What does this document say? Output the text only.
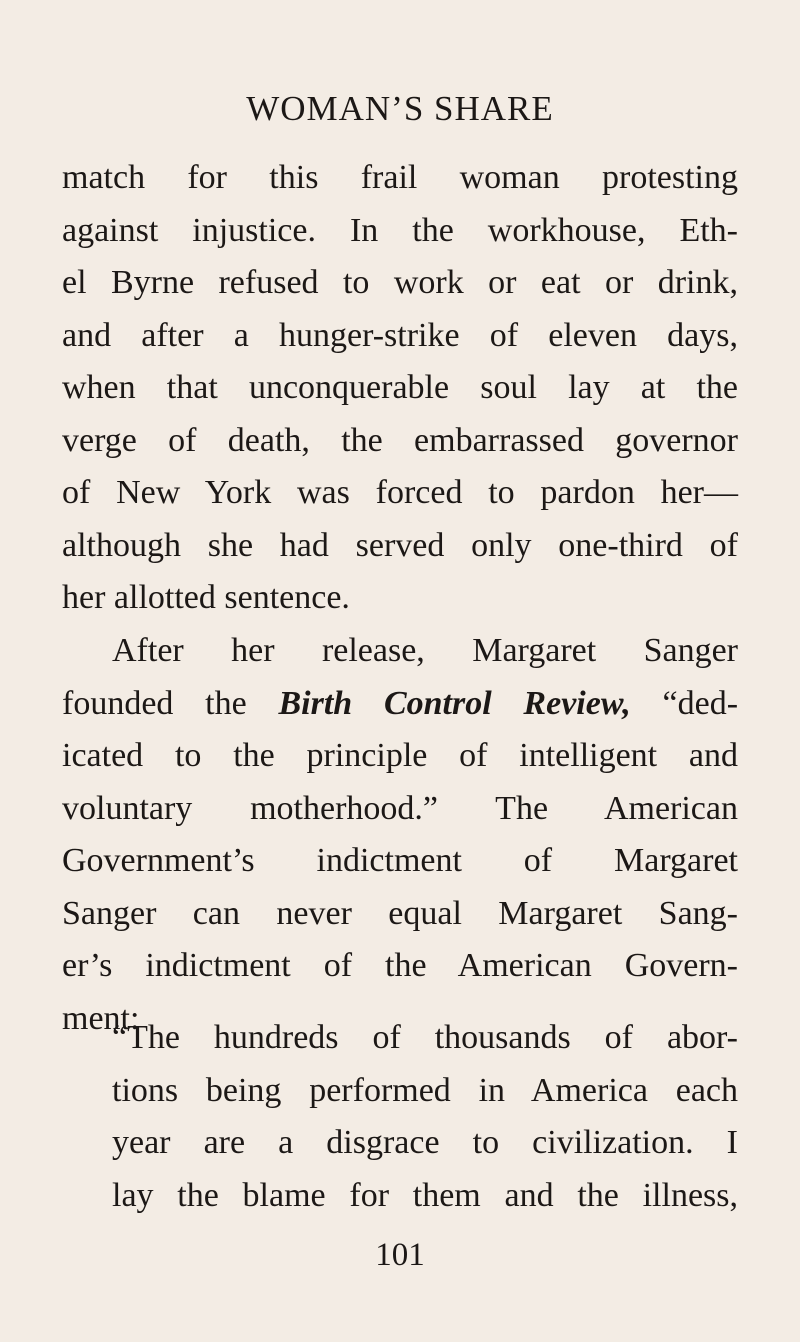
WOMAN’S SHARE
match for this frail woman protesting
against injustice. In the workhouse, Eth-
el Byrne refused to work or eat or drink,
and after a hunger-strike of eleven days,
when that unconquerable soul lay at the
verge of death, the embarrassed governor
of New York was forced to pardon her—
although she had served only one-third of
her allotted sentence.
After her release, Margaret Sanger
founded the Birth Control Review, “ded-
icated to the principle of intelligent and
voluntary motherhood.” The American
Government’s indictment of Margaret
Sanger can never equal Margaret Sang-
er’s indictment of the American Govern-
ment:
“The hundreds of thousands of abor-
tions being performed in America each
year are a disgrace to civilization. I
lay the blame for them and the illness,
101
